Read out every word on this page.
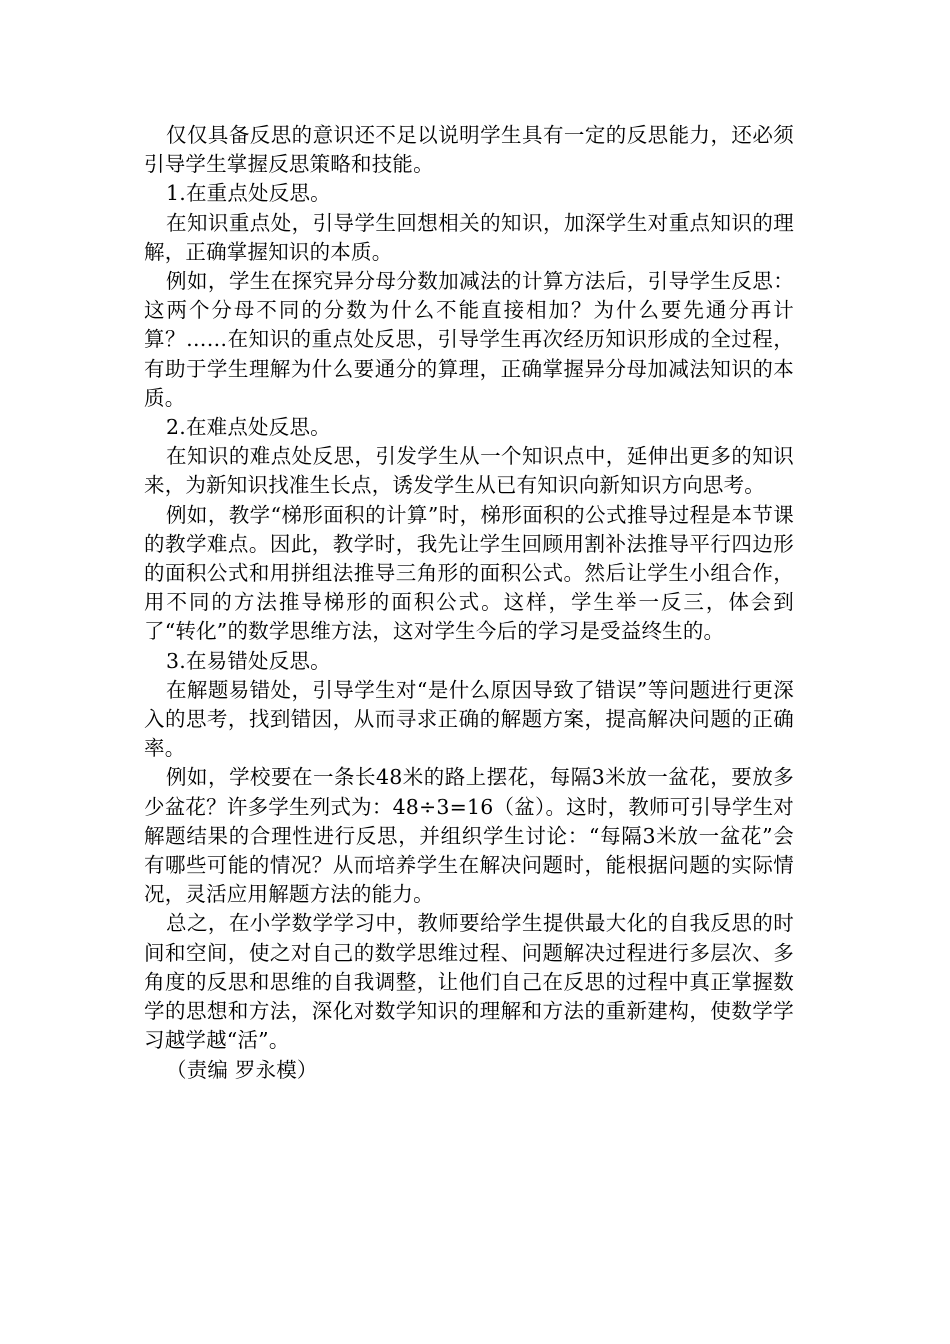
仅仅具备反思的意识还不足以说明学生具有一定的反思能力，还必须引导学生掌握反思策略和技能。

1.在重点处反思。

在知识重点处，引导学生回想相关的知识，加深学生对重点知识的理解，正确掌握知识的本质。

例如，学生在探究异分母分数加减法的计算方法后，引导学生反思：这两个分母不同的分数为什么不能直接相加？为什么要先通分再计算？……在知识的重点处反思，引导学生再次经历知识形成的全过程，有助于学生理解为什么要通分的算理，正确掌握异分母加减法知识的本质。

2.在难点处反思。

在知识的难点处反思，引发学生从一个知识点中，延伸出更多的知识来，为新知识找准生长点，诱发学生从已有知识向新知识方向思考。

例如，教学“梯形面积的计算”时，梯形面积的公式推导过程是本节课的教学难点。因此，教学时，我先让学生回顾用割补法推导平行四边形的面积公式和用拼组法推导三角形的面积公式。然后让学生小组合作，用不同的方法推导梯形的面积公式。这样，学生举一反三，体会到了“转化”的数学思维方法，这对学生今后的学习是受益终生的。

3.在易错处反思。

在解题易错处，引导学生对“是什么原因导致了错误”等问题进行更深入的思考，找到错因，从而寻求正确的解题方案，提高解决问题的正确率。

例如，学校要在一条长48米的路上摆花，每隔3米放一盆花，要放多少盆花？许多学生列式为：48÷3=16（盆）。这时，教师可引导学生对解题结果的合理性进行反思，并组织学生讨论：“每隔3米放一盆花”会有哪些可能的情况？从而培养学生在解决问题时，能根据问题的实际情况，灵活应用解题方法的能力。

总之，在小学数学学习中，教师要给学生提供最大化的自我反思的时间和空间，使之对自己的数学思维过程、问题解决过程进行多层次、多角度的反思和思维的自我调整，让他们自己在反思的过程中真正掌握数学的思想和方法，深化对数学知识的理解和方法的重新建构，使数学学习越学越“活”。

（责编 罗永模）
